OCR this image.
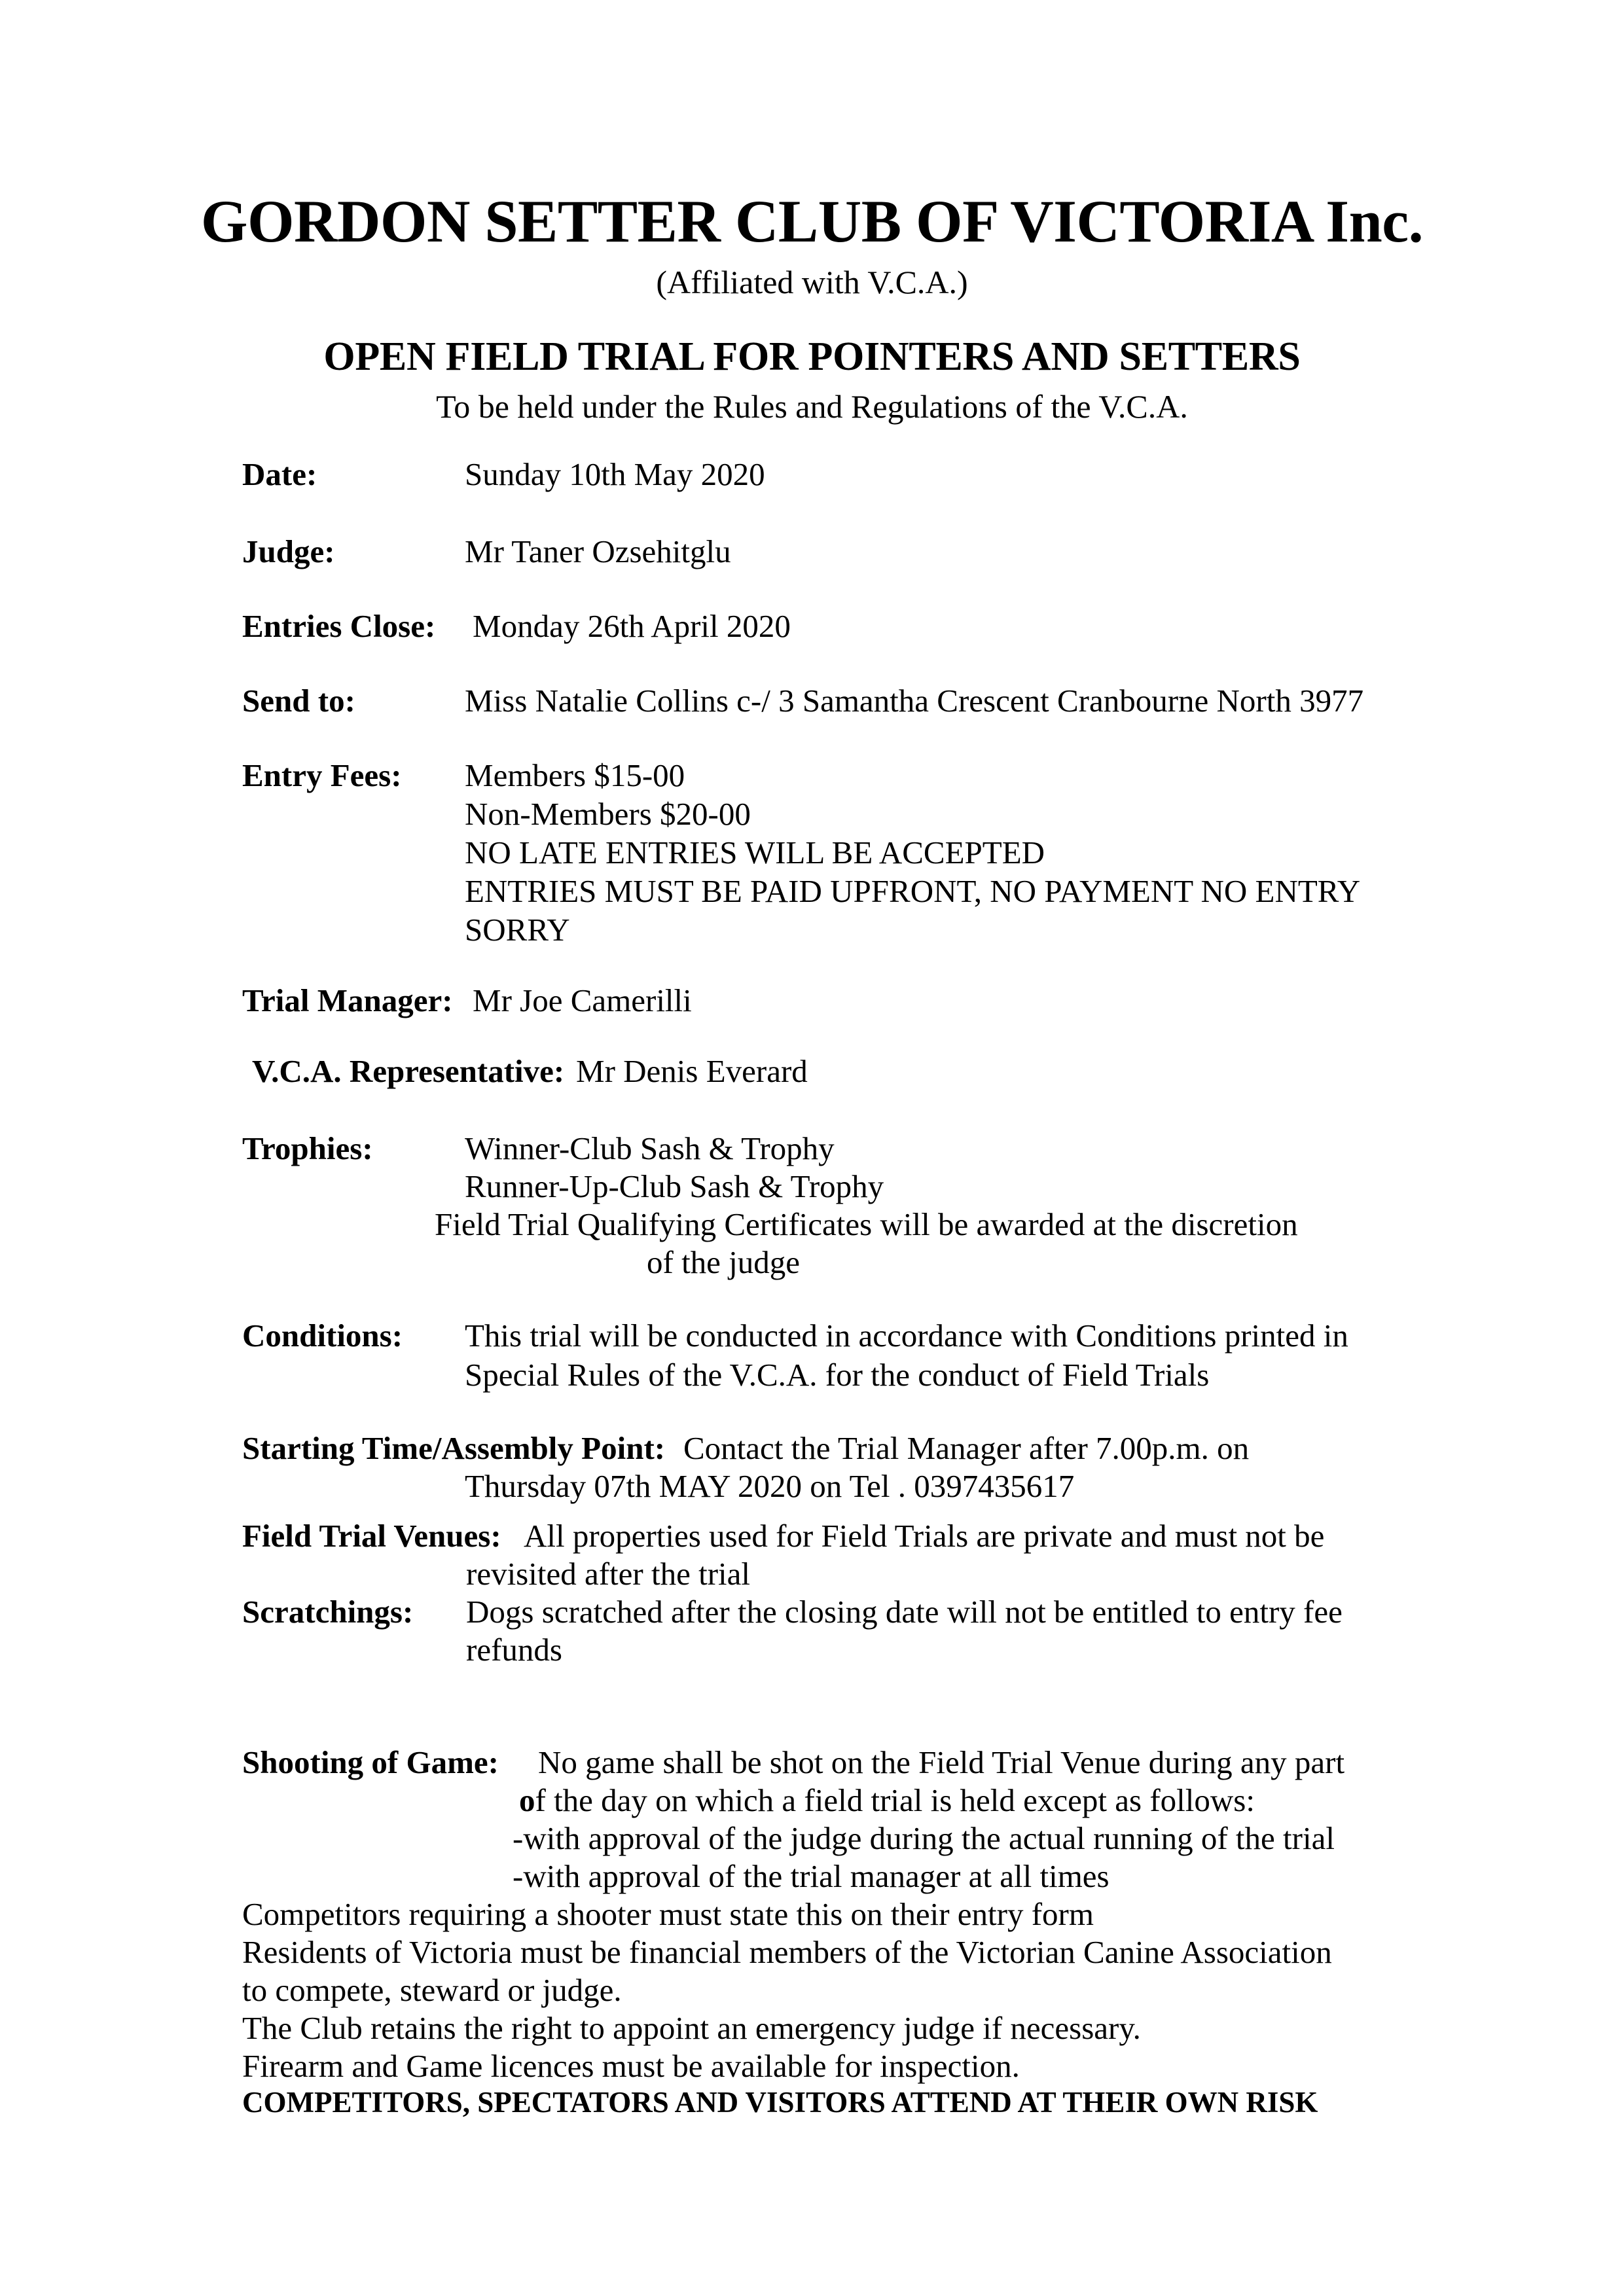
GORDON SETTER CLUB OF VICTORIA Inc.
(Affiliated with V.C.A.)
OPEN FIELD TRIAL FOR POINTERS AND SETTERS
To be held under the Rules and Regulations of the V.C.A.
Date:	Sunday 10th May 2020
Judge:	Mr Taner Ozsehitglu
Entries Close: Monday 26th April 2020
Send to:	Miss Natalie Collins c-/ 3 Samantha Crescent Cranbourne North 3977
Entry Fees: Members $15-00
Non-Members $20-00
NO LATE ENTRIES WILL BE ACCEPTED
ENTRIES MUST BE PAID UPFRONT, NO PAYMENT NO ENTRY
SORRY
Trial Manager: Mr Joe Camerilli
V.C.A. Representative: Mr Denis Everard
Trophies:	Winner-Club Sash & Trophy
Runner-Up-Club Sash & Trophy
Field Trial Qualifying Certificates will be awarded at the discretion
of the judge
Conditions: This trial will be conducted in accordance with Conditions printed in
Special Rules of the V.C.A. for the conduct of Field Trials
Starting Time/Assembly Point: Contact the Trial Manager after 7.00p.m. on
Thursday 07th MAY 2020 on Tel . 0397435617
Field Trial Venues: All properties used for Field Trials are private and must not be
revisited after the trial
Scratchings: Dogs scratched after the closing date will not be entitled to entry fee
refunds
Shooting of Game: No game shall be shot on the Field Trial Venue during any part
of the day on which a field trial is held except as follows:
-with approval of the judge during the actual running of the trial
-with approval of the trial manager at all times
Competitors requiring a shooter must state this on their entry form
Residents of Victoria must be financial members of the Victorian Canine Association
to compete, steward or judge.
The Club retains the right to appoint an emergency judge if necessary.
Firearm and Game licences must be available for inspection.
COMPETITORS, SPECTATORS AND VISITORS ATTEND AT THEIR OWN RISK
